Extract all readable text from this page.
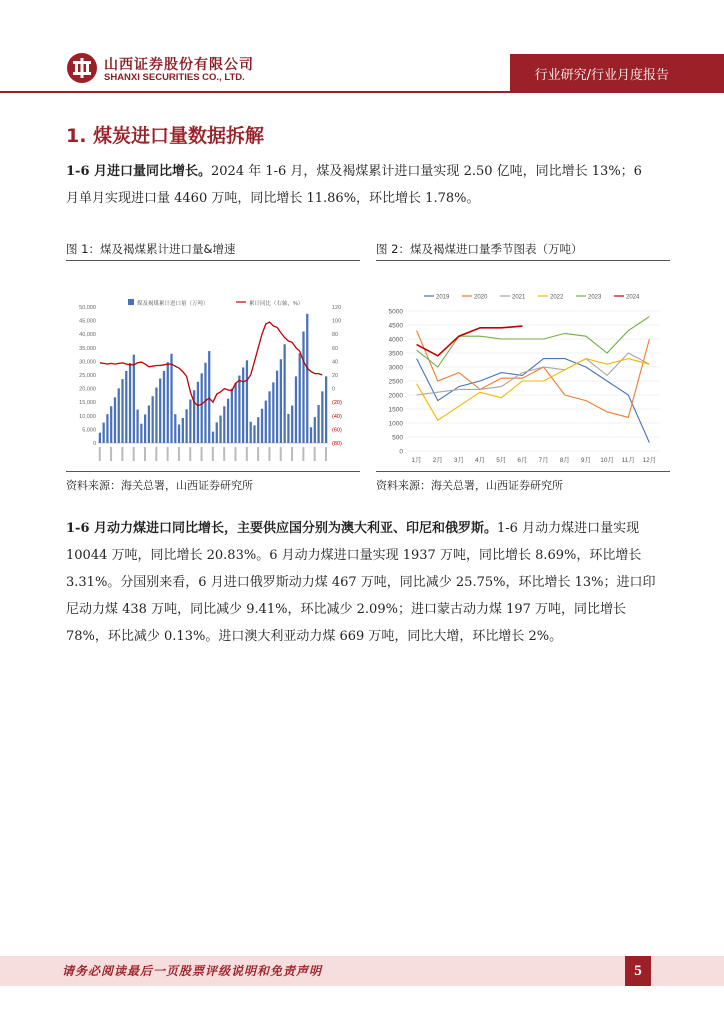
山西证券股份有限公司
SHANXI SECURITIES CO., LTD.	行业研究/行业月度报告
1. 煤炭进口量数据拆解
1-6 月进口量同比增长。2024 年 1-6 月，煤及褐煤累计进口量实现 2.50 亿吨，同比增长 13%；6 月单月实现进口量 4460 万吨，同比增长 11.86%，环比增长 1.78%。
图 1：煤及褐煤累计进口量&增速
煤及褐煤累计进口量（万吨）	累计同比（右轴，%）
0
5,000
10,000
15,000
20,000
25,000
30,000
35,000
40,000
45,000
50,000
(80)
(60)
(40)
(20)
0
20
40
60
80
100
120
资料来源：海关总署，山西证券研究所
图 2：煤及褐煤进口量季节图表（万吨）
0
500
1000
1500
2000
2500
3000
3500
4000
4500
5000
1月 2月 3月 4月 5月 6月 7月 8月 9月 10月 11月 12月
2019	2020	2021	2022	2023	2024
资料来源：海关总署，山西证券研究所
1-6 月动力煤进口同比增长，主要供应国分别为澳大利亚、印尼和俄罗斯。1-6 月动力煤进口量实现 10044 万吨，同比增长 20.83%。6 月动力煤进口量实现 1937 万吨，同比增长 8.69%，环比增长 3.31%。分国别来看，6 月进口俄罗斯动力煤 467 万吨，同比减少 25.75%，环比增长 13%；进口印尼动力煤 438 万吨，同比减少 9.41%，环比减少 2.09%；进口蒙古动力煤 197 万吨，同比增长 78%，环比减少 0.13%。进口澳大利亚动力煤 669 万吨，同比大增，环比增长 2%。
请务必阅读最后一页股票评级说明和免责声明	5
